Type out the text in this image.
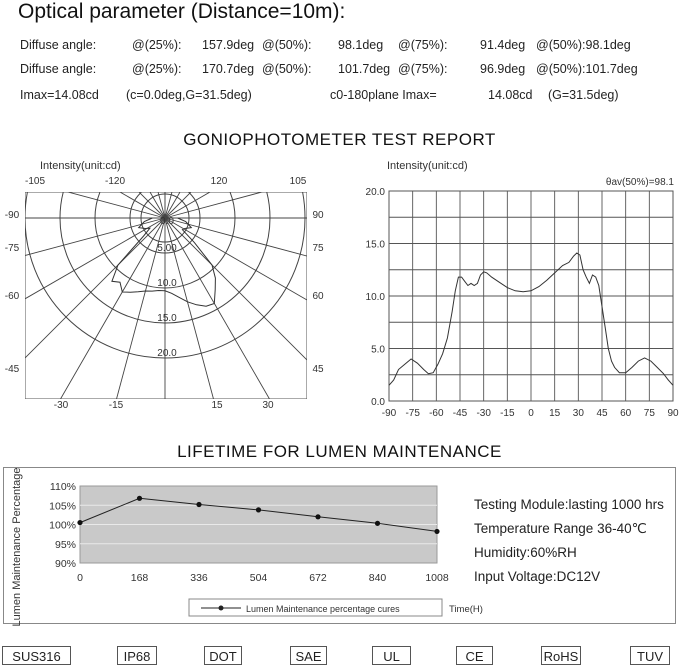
Optical parameter (Distance=10m):
Diffuse angle:	@(25%): 157.9deg @(50%): 98.1deg @(75%):	91.4deg @(50%):98.1deg
Diffuse angle:	@(25%): 170.7deg @(50%): 101.7deg @(75%):	96.9deg @(50%):101.7deg
Imax=14.08cd (c=0.0deg,G=31.5deg)	c0-180plane Imax=	14.08cd (G=31.5deg)
GONIOPHOTOMETER TEST REPORT
Intensity(unit:cd)
-105	-120	120	105
-90	90
-75	75
-60	60
-45	45
-30	-15	15	30
0.0
5.00
10.0
15.0
20.0
Intensity(unit:cd)
θav(50%)=98.1
-90 -75 -60 -45 -30 -15 0 15 30 45 60 75 90
0.0
5.0
10.0
15.0
20.0
LIFETIME FOR LUMEN MAINTENANCE
Lumen Maintenance Percentage	110%
105%
100%
95%
90%
0	168	336	504	672	840	1008
Lumen Maintenance percentage cures	Time(H)
Testing Module:lasting 1000 hrs
Temperature Range 36-40℃
Humidity:60%RH
Input Voltage:DC12V
SUS316	IP68	DOT	SAE	UL	CE	RoHS	TUV
